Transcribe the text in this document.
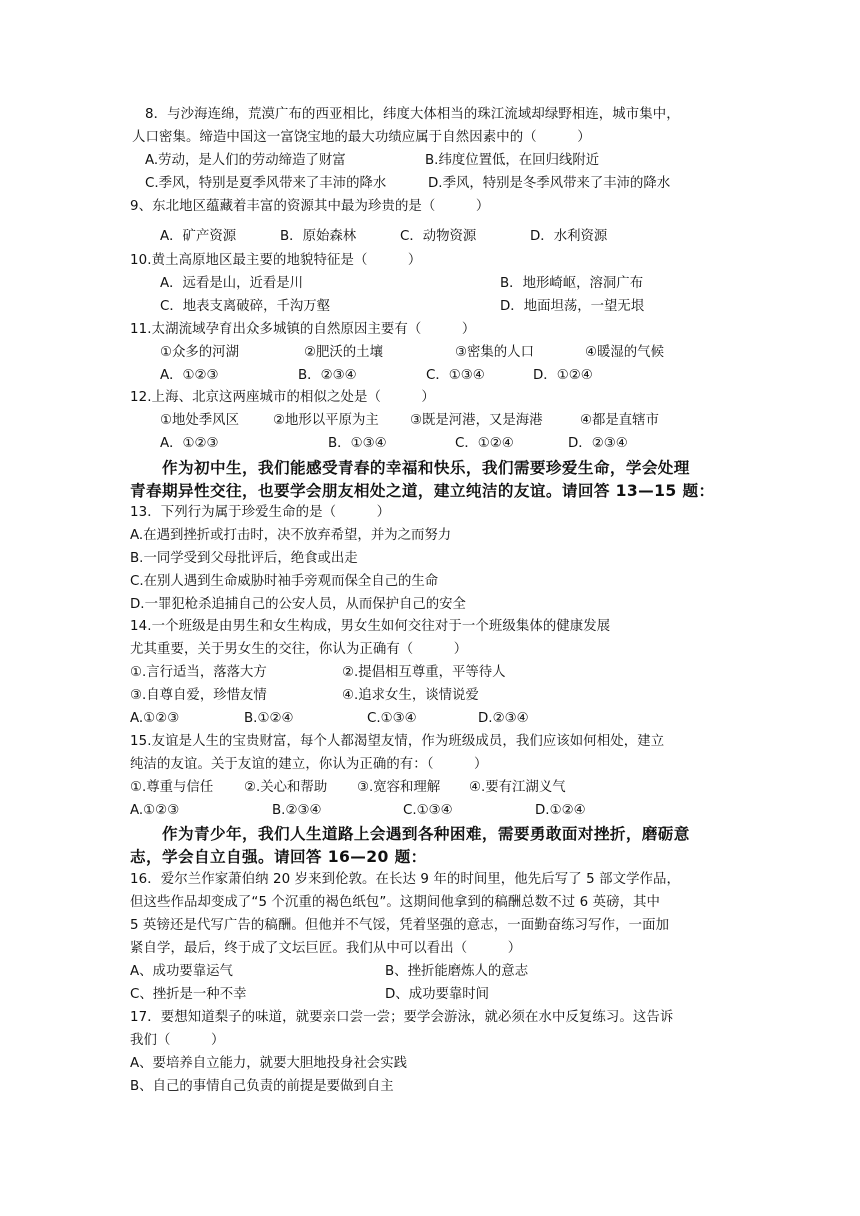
8．与沙海连绵，荒漠广布的西亚相比，纬度大体相当的珠江流域却绿野相连，城市集中，
人口密集。缔造中国这一富饶宝地的最大功绩应属于自然因素中的（　　　）
A.劳动，是人们的劳动缔造了财富	B.纬度位置低，在回归线附近
C.季风，特别是夏季风带来了丰沛的降水	D.季风，特别是冬季风带来了丰沛的降水
9、东北地区蕴藏着丰富的资源其中最为珍贵的是（　　　）
A．矿产资源	B．原始森林	C．动物资源	D．水利资源
10.黄土高原地区最主要的地貌特征是（　　　）
A．远看是山，近看是川	B．地形崎岖，溶洞广布
C．地表支离破碎，千沟万壑	D．地面坦荡，一望无垠
11.太湖流域孕育出众多城镇的自然原因主要有（　　　）
①众多的河湖	②肥沃的土壤	③密集的人口	④暖湿的气候
A．①②③	B．②③④	C．①③④	D．①②④
12.上海、北京这两座城市的相似之处是（　　　）
①地处季风区	②地形以平原为主 ③既是河港，又是海港	④都是直辖市
A．①②③	B．①③④	C．①②④	D．②③④
作为初中生，我们能感受青春的幸福和快乐，我们需要珍爱生命，学会处理
青春期异性交往，也要学会朋友相处之道，建立纯洁的友谊。请回答 13—15 题：
13．下列行为属于珍爱生命的是（　　　）
A.在遇到挫折或打击时，决不放弃希望，并为之而努力
B.一同学受到父母批评后，绝食或出走
C.在别人遇到生命威胁时袖手旁观而保全自己的生命
D.一罪犯枪杀追捕自己的公安人员，从而保护自己的安全
14.一个班级是由男生和女生构成，男女生如何交往对于一个班级集体的健康发展
尤其重要，关于男女生的交往，你认为正确有（　　　）
①.言行适当，落落大方	②.提倡相互尊重，平等待人
③.自尊自爱，珍惜友情	④.追求女生，谈情说爱
A.①②③	B.①②④	C.①③④	D.②③④
15.友谊是人生的宝贵财富，每个人都渴望友情，作为班级成员，我们应该如何相处，建立
纯洁的友谊。关于友谊的建立，你认为正确的有：（　　　）
①.尊重与信任 ②.关心和帮助 ③.宽容和理解 ④.要有江湖义气
A.①②③	B.②③④	C.①③④	D.①②④
作为青少年，我们人生道路上会遇到各种困难，需要勇敢面对挫折，磨砺意
志，学会自立自强。请回答 16—20 题：
16．爱尔兰作家萧伯纳 20 岁来到伦敦。在长达 9 年的时间里，他先后写了 5 部文学作品，
但这些作品却变成了“5 个沉重的褐色纸包”。这期间他拿到的稿酬总数不过 6 英磅，其中
5 英镑还是代写广告的稿酬。但他并不气馁，凭着坚强的意志，一面勤奋练习写作，一面加
紧自学，最后，终于成了文坛巨匠。我们从中可以看出（　　　）
A、成功要靠运气	B、挫折能磨炼人的意志
C、挫折是一种不幸	D、成功要靠时间
17．要想知道梨子的味道，就要亲口尝一尝；要学会游泳，就必须在水中反复练习。这告诉
我们（　　　）
A、要培养自立能力，就要大胆地投身社会实践
B、自己的事情自己负责的前提是要做到自主
